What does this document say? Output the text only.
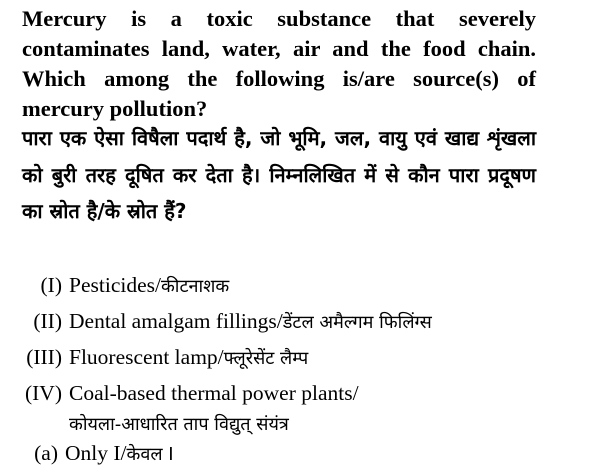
Mercury is a toxic substance that severely contaminates land, water, air and the food chain. Which among the following is/are source(s) of mercury pollution?

पारा एक ऐसा विषैला पदार्थ है, जो भूमि, जल, वायु एवं खाद्य शृंखला को बुरी तरह दूषित कर देता है। निम्नलिखित में से कौन पारा प्रदूषण का स्रोत है/के स्रोत हैं?

(I) Pesticides/कीटनाशक
(II) Dental amalgam fillings/डेंटल अमैल्गम फिलिंग्स
(III) Fluorescent lamp/फ्लूरेसेंट लैम्प
(IV) Coal-based thermal power plants/
कोयला-आधारित ताप विद्युत् संयंत्र
(a) Only I/केवल I
